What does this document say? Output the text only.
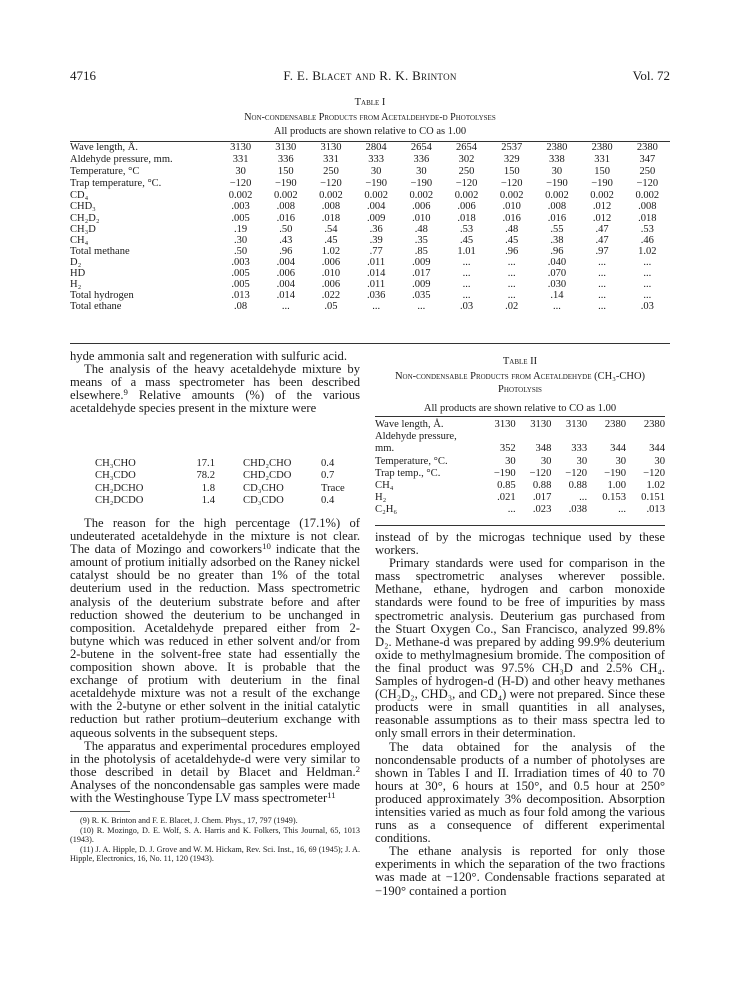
4716	F. E. Blacet and R. K. Brinton	Vol. 72
Table I
Non-condensable Products from Acetaldehyde-d Photolyses
All products are shown relative to CO as 1.00
Wave length, Å.	3130	3130	3130	2804	2654	2654	2537	2380	2380	2380
Aldehyde pressure, mm.	331	336	331	333	336	302	329	338	331	347
Temperature, °C	30	150	250	30	30	250	150	30	150	250
Trap temperature, °C.	−120	−190	−120	−190	−190	−120	−120	−190	−190	−120
CD₄	0.002	0.002	0.002	0.002	0.002	0.002	0.002	0.002	0.002	0.002
CHD₃	.003	.008	.008	.004	.006	.006	.010	.008	.012	.008
CH₂D₂	.005	.016	.018	.009	.010	.018	.016	.016	.012	.018
CH₃D	.19	.50	.54	.36	.48	.53	.48	.55	.47	.53
CH₄	.30	.43	.45	.39	.35	.45	.45	.38	.47	.46
Total methane	.50	.96	1.02	.77	.85	1.01	.96	.96	.97	1.02
D₂	.003	.004	.006	.011	.009	...	...	.040	...	...
HD	.005	.006	.010	.014	.017	...	...	.070	...	...
H₂	.005	.004	.006	.011	.009	...	...	.030	...	...
Total hydrogen	.013	.014	.022	.036	.035	...	...	.14	...	...
Total ethane	.08	...	.05	...	...	.03	.02	...	...	.03

hyde ammonia salt and regeneration with sulfuric acid.

The analysis of the heavy acetaldehyde mixture by means of a mass spectrometer has been described elsewhere.$^9$ Relative amounts (%) of the various acetaldehyde species present in the mixture were

CH₃CHO	17.1	CHD₂CHO	0.4
CH₃CDO	78.2	CHD₂CDO	0.7
CH₂DCHO	1.8	CD₃CHO	Trace
CH₂DCDO	1.4	CD₃CDO	0.4

The reason for the high percentage (17.1%) of undeuterated acetaldehyde in the mixture is not clear. The data of Mozingo and coworkers$^{10}$ indicate that the amount of protium initially adsorbed on the Raney nickel catalyst should be no greater than 1% of the total deuterium used in the reduction. Mass spectrometric analysis of the deuterium substrate before and after reduction showed the deuterium to be unchanged in composition. Acetaldehyde prepared either from 2-butyne which was reduced in ether solvent and/or from 2-butene in the solvent-free state had essentially the composition shown above. It is probable that the exchange of protium with deuterium in the final acetaldehyde mixture was not a result of the exchange with the 2-butyne or ether solvent in the initial catalytic reduction but rather protium–deuterium exchange with aqueous solvents in the subsequent steps.

The apparatus and experimental procedures employed in the photolysis of acetaldehyde-d were very similar to those described in detail by Blacet and Heldman.$^2$ Analyses of the noncondensable gas samples were made with the Westinghouse Type LV mass spectrometer$^{11}$

(9) R. K. Brinton and F. E. Blacet, J. Chem. Phys., 17, 797 (1949).

(10) R. Mozingo, D. E. Wolf, S. A. Harris and K. Folkers, This Journal, 65, 1013 (1943).

(11) J. A. Hipple, D. J. Grove and W. M. Hickam, Rev. Sci. Inst., 16, 69 (1945); J. A. Hipple, Electronics, 16, No. 11, 120 (1943).

Table II
Non-condensable Products from Acetaldehyde (CH₃-CHO) Photolysis
All products are shown relative to CO as 1.00
Wave length, Å.	3130	3130	3130	2380	2380
Aldehyde pressure,					
mm.	352	348	333	344	344
Temperature, °C.	30	30	30	30	30
Trap temp., °C.	−190	−120	−120	−190	−120
CH₄	0.85	0.88	0.88	1.00	1.02
H₂	.021	.017	...	0.153	0.151
C₂H₆	...	.023	.038	...	.013

instead of by the microgas technique used by these workers.

Primary standards were used for comparison in the mass spectrometric analyses wherever possible. Methane, ethane, hydrogen and carbon monoxide standards were found to be free of impurities by mass spectrometric analysis. Deuterium gas purchased from the Stuart Oxygen Co., San Francisco, analyzed 99.8% D₂. Methane-d was prepared by adding 99.9% deuterium oxide to methylmagnesium bromide. The composition of the final product was 97.5% CH₃D and 2.5% CH₄. Samples of hydrogen-d (H-D) and other heavy methanes (CH₂D₂, CHD₃, and CD₄) were not prepared. Since these products were in small quantities in all analyses, reasonable assumptions as to their mass spectra led to only small errors in their determination.

The data obtained for the analysis of the noncondensable products of a number of photolyses are shown in Tables I and II. Irradiation times of 40 to 70 hours at 30°, 6 hours at 150°, and 0.5 hour at 250° produced approximately 3% decomposition. Absorption intensities varied as much as four fold among the various runs as a consequence of different experimental conditions.

The ethane analysis is reported for only those experiments in which the separation of the two fractions was made at −120°. Condensable fractions separated at −190° contained a portion
